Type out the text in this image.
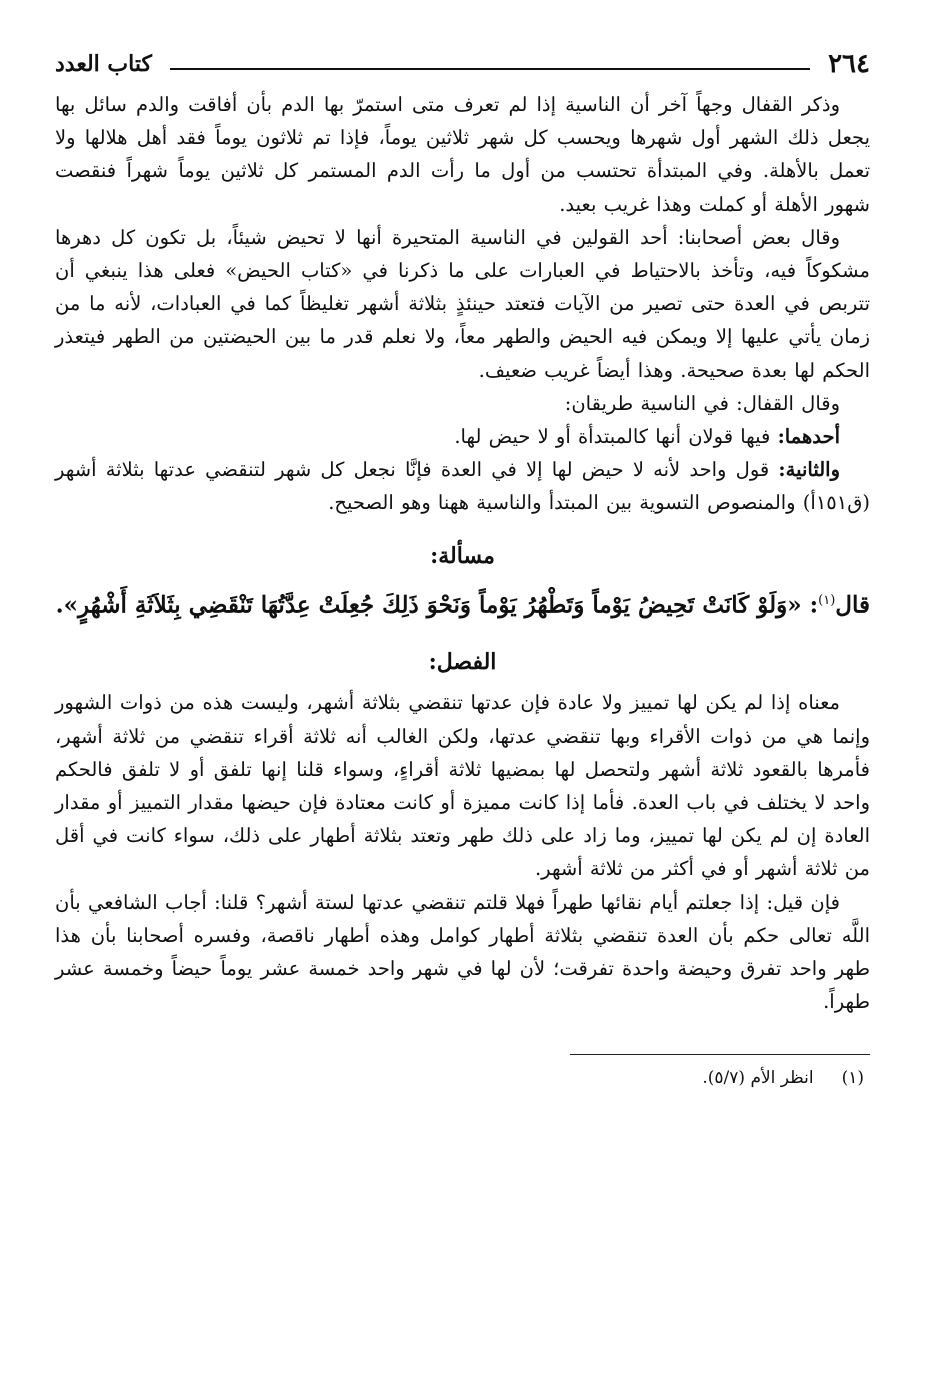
٢٦٤
كتاب العدد

وذكر القفال وجهاً آخر أن الناسية إذا لم تعرف متى استمرّ بها الدم بأن أفاقت والدم سائل بها يجعل ذلك الشهر أول شهرها ويحسب كل شهر ثلاثين يوماً، فإذا تم ثلاثون يوماً فقد أهل هلالها ولا تعمل بالأهلة. وفي المبتدأة تحتسب من أول ما رأت الدم المستمر كل ثلاثين يوماً شهراً فنقصت شهور الأهلة أو كملت وهذا غريب بعيد.

وقال بعض أصحابنا: أحد القولين في الناسية المتحيرة أنها لا تحيض شيئاً، بل تكون كل دهرها مشكوكاً فيه، وتأخذ بالاحتياط في العبارات على ما ذكرنا في «كتاب الحيض» فعلى هذا ينبغي أن تتربص في العدة حتى تصير من الآيات فتعتد حينئذٍ بثلاثة أشهر تغليظاً كما في العبادات، لأنه ما من زمان يأتي عليها إلا ويمكن فيه الحيض والطهر معاً، ولا نعلم قدر ما بين الحيضتين من الطهر فيتعذر الحكم لها بعدة صحيحة. وهذا أيضاً غريب ضعيف.

وقال القفال: في الناسية طريقان:

أحدهما: فيها قولان أنها كالمبتدأة أو لا حيض لها.

والثانية: قول واحد لأنه لا حيض لها إلا في العدة فإنَّا نجعل كل شهر لتنقضي عدتها بثلاثة أشهر (ق١٥١أ) والمنصوص التسوية بين المبتدأ والناسية ههنا وهو الصحيح.

مسألة:
قال$^{(١)}$: «وَلَوْ كَانَتْ تَحِيضُ يَوْماً وَتَطْهُرُ يَوْماً وَنَحْوَ ذَلِكَ جُعِلَتْ عِدَّتُهَا تَنْقَضِي بِثَلاَثَةِ أَشْهُرٍ».
الفصل:

معناه إذا لم يكن لها تمييز ولا عادة فإن عدتها تنقضي بثلاثة أشهر، وليست هذه من ذوات الشهور وإنما هي من ذوات الأقراء وبها تنقضي عدتها، ولكن الغالب أنه ثلاثة أقراء تنقضي من ثلاثة أشهر، فأمرها بالقعود ثلاثة أشهر ولتحصل لها بمضيها ثلاثة أقراءٍ، وسواء قلنا إنها تلفق أو لا تلفق فالحكم واحد لا يختلف في باب العدة. فأما إذا كانت مميزة أو كانت معتادة فإن حيضها مقدار التمييز أو مقدار العادة إن لم يكن لها تمييز، وما زاد على ذلك طهر وتعتد بثلاثة أطهار على ذلك، سواء كانت في أقل من ثلاثة أشهر أو في أكثر من ثلاثة أشهر.

فإن قيل: إذا جعلتم أيام نقائها طهراً فهلا قلتم تنقضي عدتها لستة أشهر؟ قلنا: أجاب الشافعي بأن اللَّه تعالى حكم بأن العدة تنقضي بثلاثة أطهار كوامل وهذه أطهار ناقصة، وفسره أصحابنا بأن هذا طهر واحد تفرق وحيضة واحدة تفرقت؛ لأن لها في شهر واحد خمسة عشر يوماً حيضاً وخمسة عشر طهراً.

(١)
انظر الأم (٥/٧).
